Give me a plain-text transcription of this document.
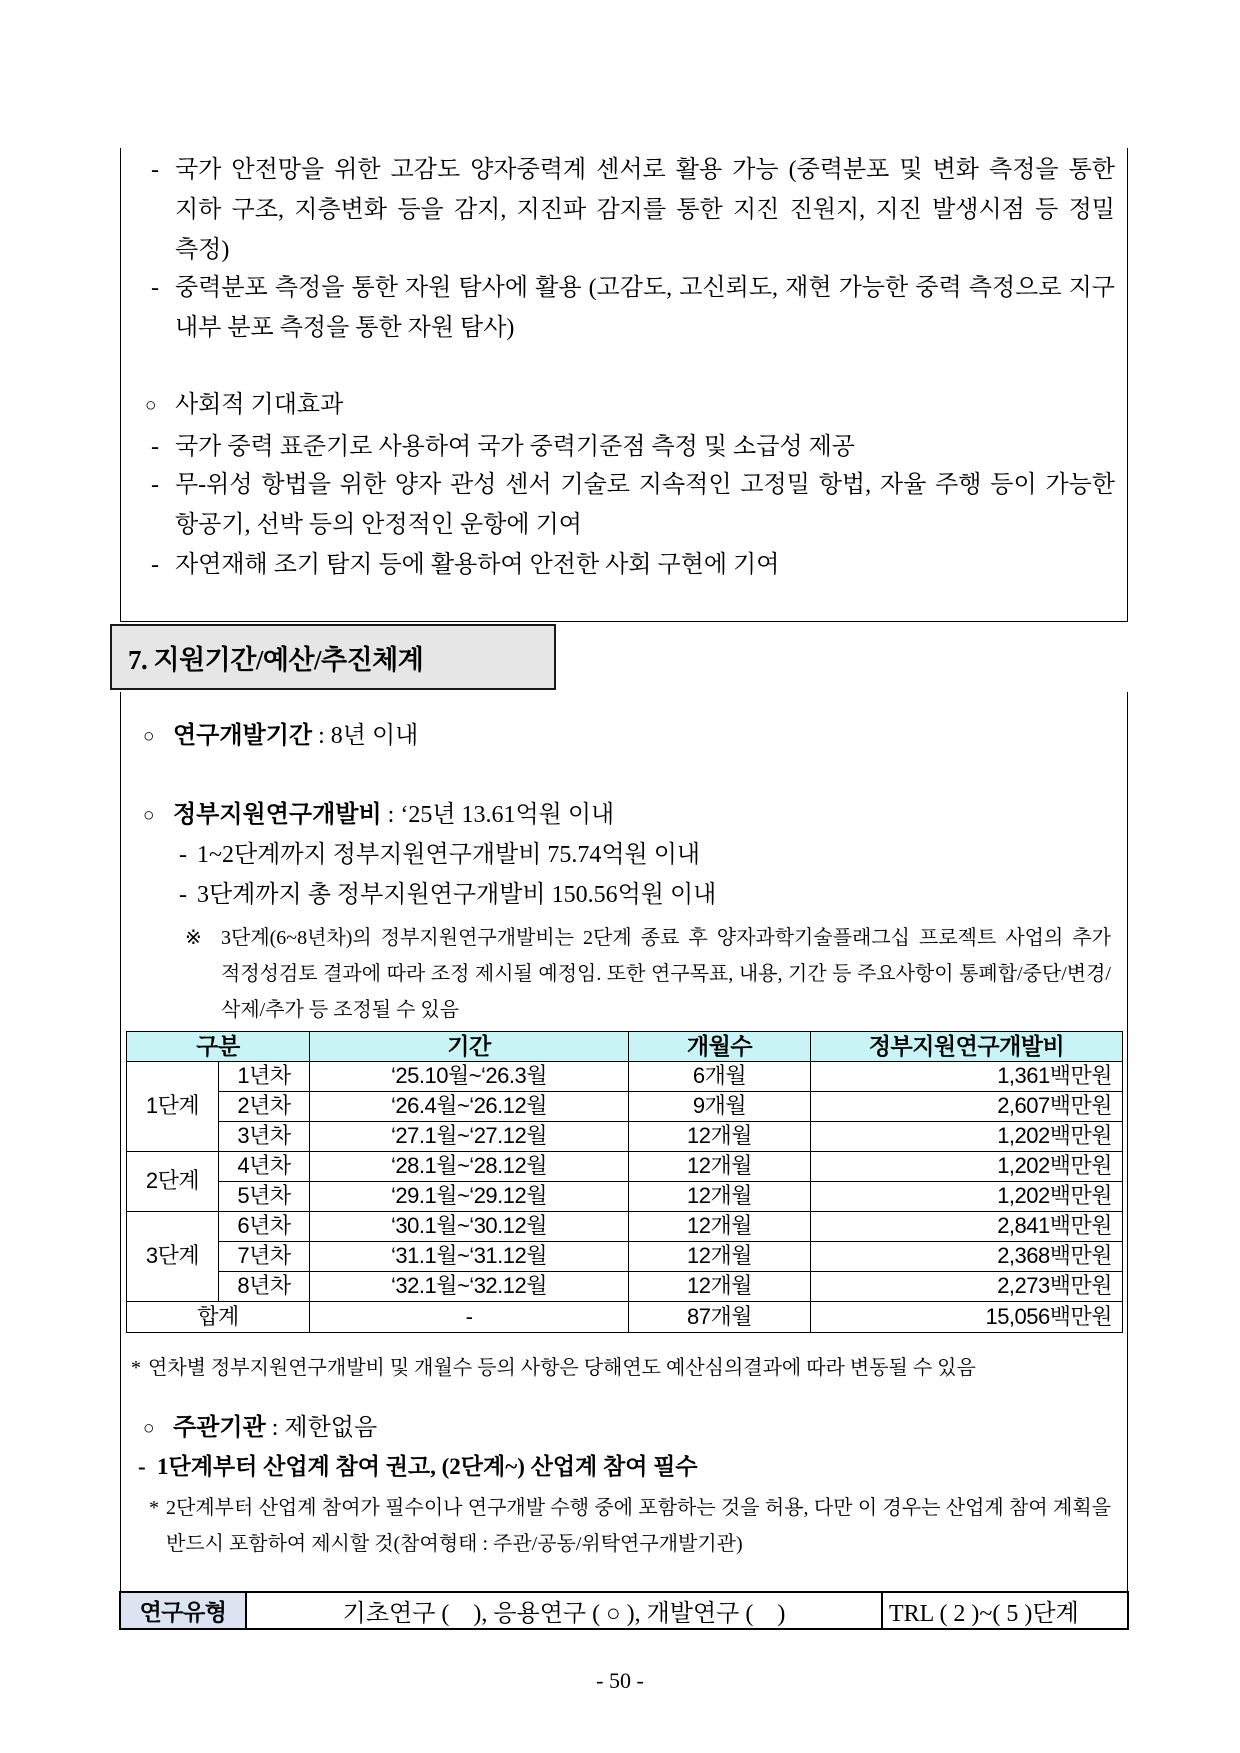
- 국가 안전망을 위한 고감도 양자중력계 센서로 활용 가능 (중력분포 및 변화 측정을 통한 지하 구조, 지층변화 등을 감지, 지진파 감지를 통한 지진 진원지, 지진 발생시점 등 정밀 측정)

- 중력분포 측정을 통한 자원 탐사에 활용 (고감도, 고신뢰도, 재현 가능한 중력 측정으로 지구 내부 분포 측정을 통한 자원 탐사)

○ 사회적 기대효과

- 국가 중력 표준기로 사용하여 국가 중력기준점 측정 및 소급성 제공

- 무-위성 항법을 위한 양자 관성 센서 기술로 지속적인 고정밀 항법, 자율 주행 등이 가능한 항공기, 선박 등의 안정적인 운항에 기여

- 자연재해 조기 탐지 등에 활용하여 안전한 사회 구현에 기여

7. 지원기간/예산/추진체계

○ 연구개발기간 : 8년 이내

○ 정부지원연구개발비 : ‘25년 13.61억원 이내

- 1~2단계까지 정부지원연구개발비 75.74억원 이내

- 3단계까지 총 정부지원연구개발비 150.56억원 이내

※ 3단계(6~8년차)의 정부지원연구개발비는 2단계 종료 후 양자과학기술플래그십 프로젝트 사업의 추가 적정성검토 결과에 따라 조정 제시될 예정임. 또한 연구목표, 내용, 기간 등 주요사항이 통폐합/중단/변경/삭제/추가 등 조정될 수 있음

구분		기간	개월수	정부지원연구개발비
1단계	1년차	‘25.10월~‘26.3월	6개월	1,361백만원
	2년차	‘26.4월~‘26.12월	9개월	2,607백만원
	3년차	‘27.1월~‘27.12월	12개월	1,202백만원
2단계	4년차	‘28.1월~‘28.12월	12개월	1,202백만원
	5년차	‘29.1월~‘29.12월	12개월	1,202백만원
3단계	6년차	‘30.1월~‘30.12월	12개월	2,841백만원
	7년차	‘31.1월~‘31.12월	12개월	2,368백만원
	8년차	‘32.1월~‘32.12월	12개월	2,273백만원
합계		-	87개월	15,056백만원

* 연차별 정부지원연구개발비 및 개월수 등의 사항은 당해연도 예산심의결과에 따라 변동될 수 있음

○ 주관기관 : 제한없음

- 1단계부터 산업계 참여 권고, (2단계~) 산업계 참여 필수

* 2단계부터 산업계 참여가 필수이나 연구개발 수행 중에 포함하는 것을 허용, 다만 이 경우는 산업계 참여 계획을 반드시 포함하여 제시할 것(참여형태 : 주관/공동/위탁연구개발기관)

연구유형	기초연구 (    ), 응용연구 ( ○ ), 개발연구 (    )	TRL ( 2 )~( 5 )단계
- 50 -
